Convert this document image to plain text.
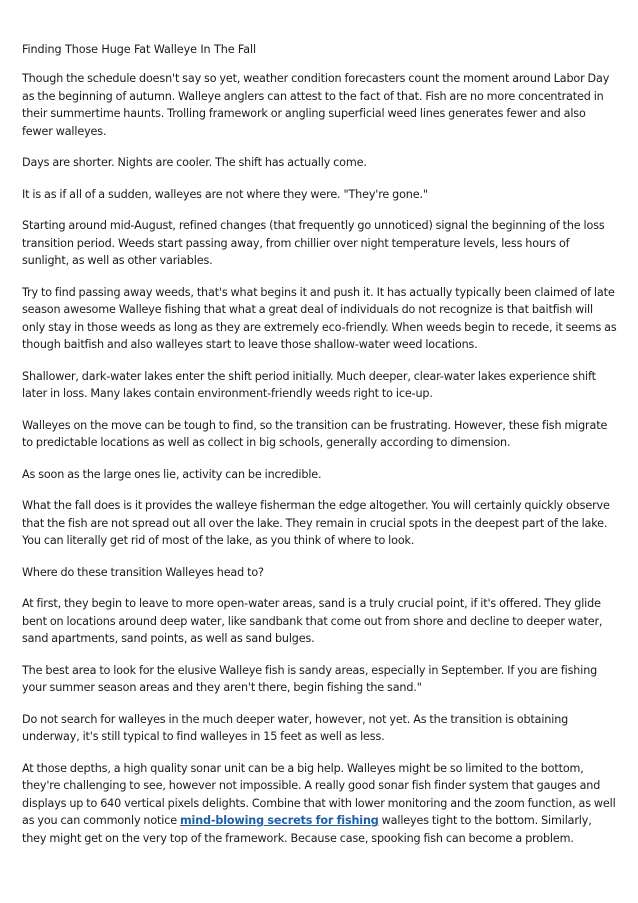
Finding Those Huge Fat Walleye In The Fall

Though the schedule doesn't say so yet, weather condition forecasters count the moment around Labor Day as the beginning of autumn. Walleye anglers can attest to the fact of that. Fish are no more concentrated in their summertime haunts. Trolling framework or angling superficial weed lines generates fewer and also fewer walleyes.

Days are shorter. Nights are cooler. The shift has actually come.

It is as if all of a sudden, walleyes are not where they were. "They're gone."

Starting around mid-August, refined changes (that frequently go unnoticed) signal the beginning of the loss transition period. Weeds start passing away, from chillier over night temperature levels, less hours of sunlight, as well as other variables.

Try to find passing away weeds, that's what begins it and push it. It has actually typically been claimed of late season awesome Walleye fishing that what a great deal of individuals do not recognize is that baitfish will only stay in those weeds as long as they are extremely eco-friendly. When weeds begin to recede, it seems as though baitfish and also walleyes start to leave those shallow-water weed locations.

Shallower, dark-water lakes enter the shift period initially. Much deeper, clear-water lakes experience shift later in loss. Many lakes contain environment-friendly weeds right to ice-up.

Walleyes on the move can be tough to find, so the transition can be frustrating. However, these fish migrate to predictable locations as well as collect in big schools, generally according to dimension.

As soon as the large ones lie, activity can be incredible.

What the fall does is it provides the walleye fisherman the edge altogether. You will certainly quickly observe that the fish are not spread out all over the lake. They remain in crucial spots in the deepest part of the lake. You can literally get rid of most of the lake, as you think of where to look.

Where do these transition Walleyes head to?

At first, they begin to leave to more open-water areas, sand is a truly crucial point, if it's offered. They glide bent on locations around deep water, like sandbank that come out from shore and decline to deeper water, sand apartments, sand points, as well as sand bulges.

The best area to look for the elusive Walleye fish is sandy areas, especially in September. If you are fishing your summer season areas and they aren't there, begin fishing the sand."

Do not search for walleyes in the much deeper water, however, not yet. As the transition is obtaining underway, it's still typical to find walleyes in 15 feet as well as less.

At those depths, a high quality sonar unit can be a big help. Walleyes might be so limited to the bottom, they're challenging to see, however not impossible. A really good sonar fish finder system that gauges and displays up to 640 vertical pixels delights. Combine that with lower monitoring and the zoom function, as well as you can commonly notice mind-blowing secrets for fishing walleyes tight to the bottom. Similarly, they might get on the very top of the framework. Because case, spooking fish can become a problem.
